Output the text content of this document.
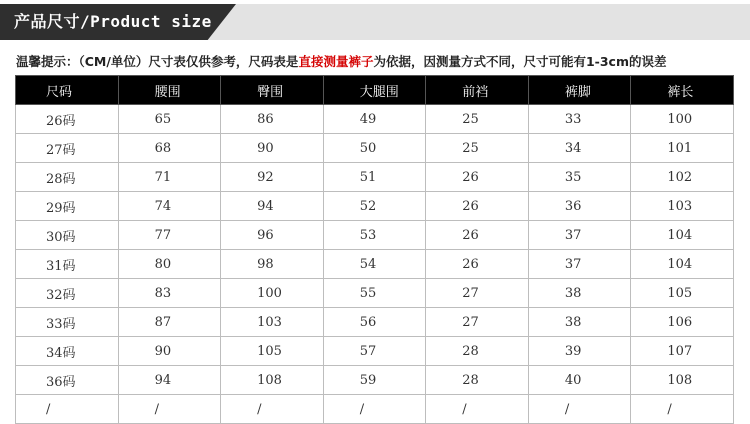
产品尺寸/Product size
温馨提示：（CM/单位）尺寸表仅供参考，尺码表是直接测量裤子为依据，因测量方式不同，尺寸可能有1-3cm的误差
尺码	腰围	臀围	大腿围	前裆	裤脚	裤长
26码	65	86	49	25	33	100
27码	68	90	50	25	34	101
28码	71	92	51	26	35	102
29码	74	94	52	26	36	103
30码	77	96	53	26	37	104
31码	80	98	54	26	37	104
32码	83	100	55	27	38	105
33码	87	103	56	27	38	106
34码	90	105	57	28	39	107
36码	94	108	59	28	40	108
/	/	/	/	/	/	/
